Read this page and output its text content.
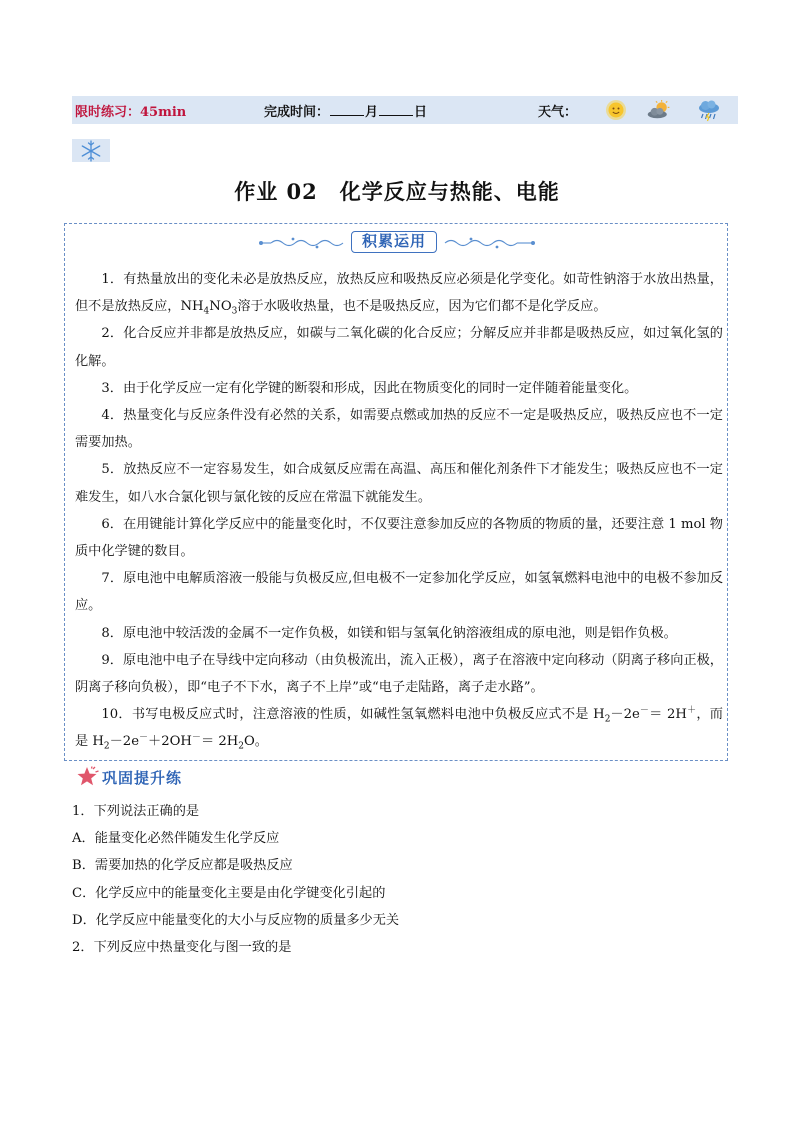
限时练习：45min	完成时间：	月	日	天气：
作业 02 化学反应与热能、电能
积累运用

1．有热量放出的变化未必是放热反应，放热反应和吸热反应必须是化学变化。如苛性钠溶于水放出热量，但不是放热反应，$NH_4NO_3$溶于水吸收热量，也不是吸热反应，因为它们都不是化学反应。

2．化合反应并非都是放热反应，如碳与二氧化碳的化合反应；分解反应并非都是吸热反应，如过氧化氢的化解。

3．由于化学反应一定有化学键的断裂和形成，因此在物质变化的同时一定伴随着能量变化。

4．热量变化与反应条件没有必然的关系，如需要点燃或加热的反应不一定是吸热反应，吸热反应也不一定需要加热。

5．放热反应不一定容易发生，如合成氨反应需在高温、高压和催化剂条件下才能发生；吸热反应也不一定难发生，如八水合氯化钡与氯化铵的反应在常温下就能发生。

6．在用键能计算化学反应中的能量变化时，不仅要注意参加反应的各物质的物质的量，还要注意 1 mol 物质中化学键的数目。

7．原电池中电解质溶液一般能与负极反应,但电极不一定参加化学反应，如氢氧燃料电池中的电极不参加反应。

8．原电池中较活泼的金属不一定作负极，如镁和铝与氢氧化钠溶液组成的原电池，则是铝作负极。

9．原电池中电子在导线中定向移动（由负极流出，流入正极），离子在溶液中定向移动（阴离子移向正极，阴离子移向负极），即“电子不下水，离子不上岸”或“电子走陆路，离子走水路”。

10．书写电极反应式时，注意溶液的性质，如碱性氢氧燃料电池中负极反应式不是 $H_2-2e^-= 2H^+$，而是 $H_2-2e^-+2OH^-= 2H_2O$。

巩固提升练
1．下列说法正确的是
A．能量变化必然伴随发生化学反应
B．需要加热的化学反应都是吸热反应
C．化学反应中的能量变化主要是由化学键变化引起的
D．化学反应中能量变化的大小与反应物的质量多少无关
2．下列反应中热量变化与图一致的是
